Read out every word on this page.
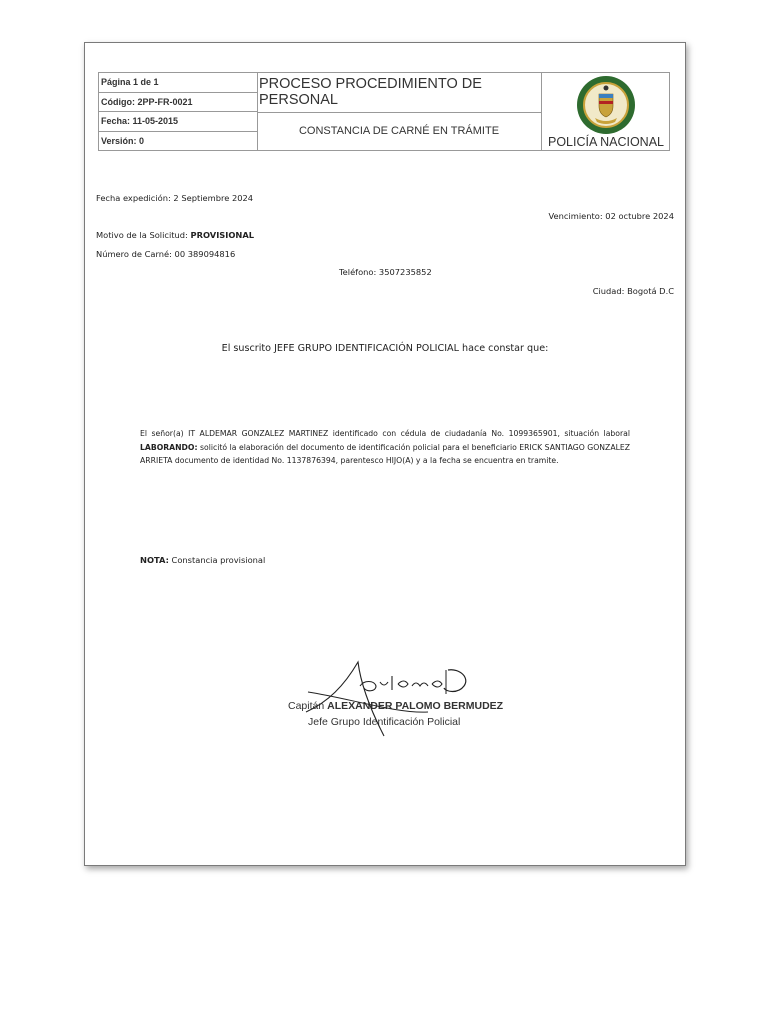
Página 1 de 1
Código: 2PP-FR-0021
Fecha: 11-05-2015
Versión: 0
PROCESO PROCEDIMIENTO DE PERSONAL
CONSTANCIA DE CARNÉ EN TRÁMITE
POLICÍA NACIONAL
Fecha expedición: 2 Septiembre 2024
Vencimiento: 02 octubre 2024
Motivo de la Solicitud: PROVISIONAL
Número de Carné: 00 389094816
Teléfono: 3507235852
Ciudad: Bogotá D.C
El suscrito JEFE GRUPO IDENTIFICACIÓN POLICIAL hace constar que:
El señor(a) IT ALDEMAR GONZALEZ MARTINEZ identificado con cédula de ciudadanía No. 1099365901, situación laboral LABORANDO: solicitó la elaboración del documento de identificación policial para el beneficiario ERICK SANTIAGO GONZALEZ ARRIETA documento de identidad No. 1137876394, parentesco HIJO(A) y a la fecha se encuentra en tramite.
NOTA: Constancia provisional
Capitán ALEXANDER PALOMO BERMUDEZ
Jefe Grupo Identificación Policial
